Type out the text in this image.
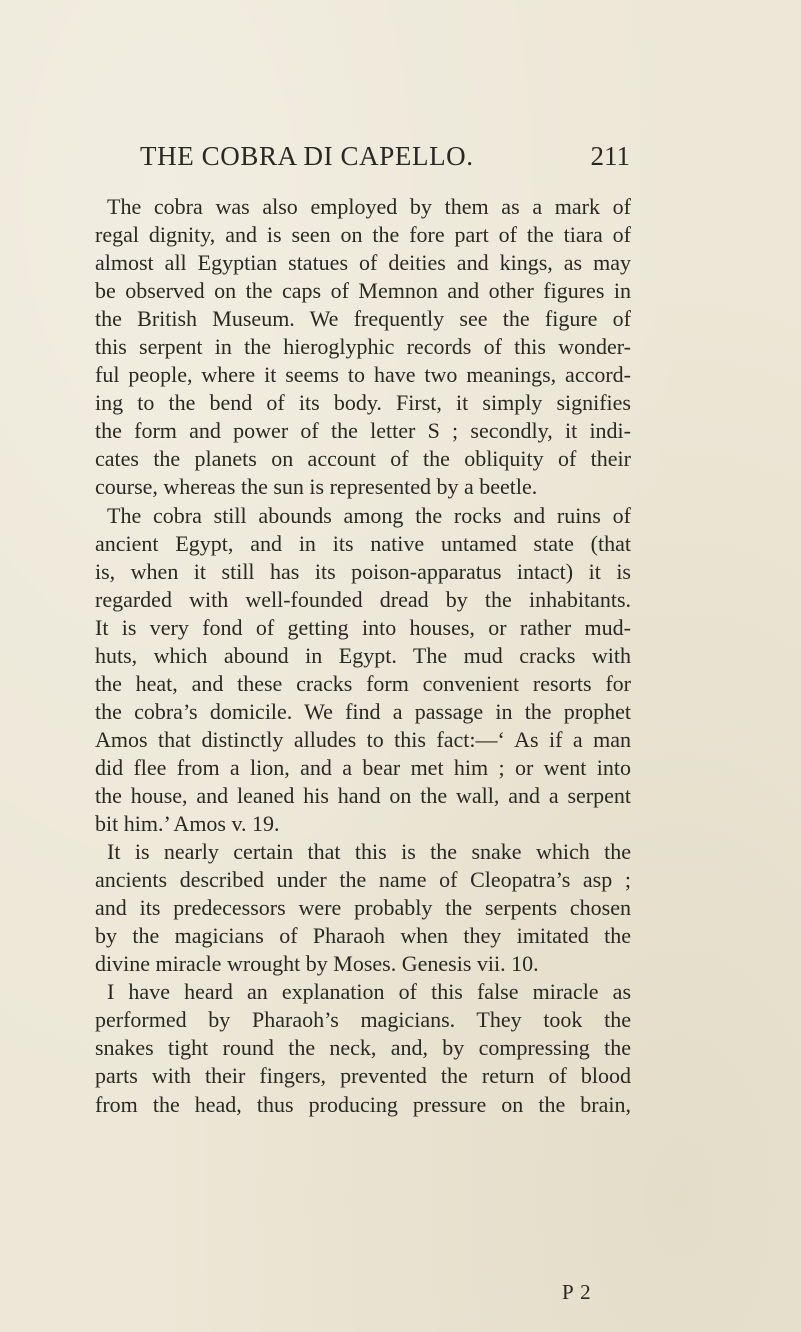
THE COBRA DI CAPELLO.	211
The cobra was also employed by them as a mark of
regal dignity, and is seen on the fore part of the tiara of
almost all Egyptian statues of deities and kings, as may
be observed on the caps of Memnon and other figures in
the British Museum. We frequently see the figure of
this serpent in the hieroglyphic records of this wonder-
ful people, where it seems to have two meanings, accord-
ing to the bend of its body. First, it simply signifies
the form and power of the letter S ; secondly, it indi-
cates the planets on account of the obliquity of their
course, whereas the sun is represented by a beetle.
The cobra still abounds among the rocks and ruins of
ancient Egypt, and in its native untamed state (that
is, when it still has its poison-apparatus intact) it is
regarded with well-founded dread by the inhabitants.
It is very fond of getting into houses, or rather mud-
huts, which abound in Egypt. The mud cracks with
the heat, and these cracks form convenient resorts for
the cobra’s domicile. We find a passage in the prophet
Amos that distinctly alludes to this fact:—‘ As if a man
did flee from a lion, and a bear met him ; or went into
the house, and leaned his hand on the wall, and a serpent
bit him.’ Amos v. 19.
It is nearly certain that this is the snake which the
ancients described under the name of Cleopatra’s asp ;
and its predecessors were probably the serpents chosen
by the magicians of Pharaoh when they imitated the
divine miracle wrought by Moses. Genesis vii. 10.
I have heard an explanation of this false miracle as
performed by Pharaoh’s magicians. They took the
snakes tight round the neck, and, by compressing the
parts with their fingers, prevented the return of blood
from the head, thus producing pressure on the brain,
P 2
